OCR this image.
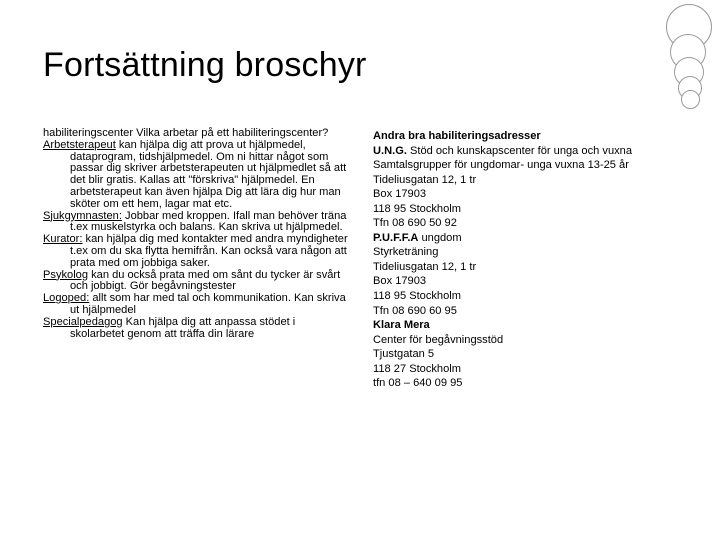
Fortsättning broschyr

habiliteringscenter Vilka arbetar på ett habiliteringscenter?

Arbetsterapeut kan hjälpa dig att prova ut hjälpmedel, dataprogram, tidshjälpmedel. Om ni hittar något som passar dig skriver arbetsterapeuten ut hjälpmedlet så att det blir gratis. Kallas att "förskriva" hjälpmedel. En arbetsterapeut kan även hjälpa Dig att lära dig hur man sköter om ett hem, lagar mat etc.

Sjukgymnasten: Jobbar med kroppen. Ifall man behöver träna t.ex muskelstyrka och balans. Kan skriva ut hjälpmedel.

Kurator: kan hjälpa dig med kontakter med andra myndigheter t.ex om du ska flytta hemifrån. Kan också vara någon att prata med om jobbiga saker.

Psykolog kan du också prata med om sånt du tycker är svårt och jobbigt. Gör begåvningstester

Logoped: allt som har med tal och kommunikation. Kan skriva ut hjälpmedel

Specialpedagog Kan hjälpa dig att anpassa stödet i skolarbetet genom att träffa din lärare

Andra bra habiliteringsadresser

U.N.G. Stöd och kunskapscenter för unga och vuxna

Samtalsgrupper för ungdomar- unga vuxna 13-25 år

Tideliusgatan 12, 1 tr

Box 17903

118 95 Stockholm

Tfn 08 690 50 92

P.U.F.F.A ungdom

Styrketräning

Tideliusgatan 12, 1 tr

Box 17903

118 95 Stockholm

Tfn 08 690 60 95

Klara Mera

Center för begåvningsstöd

Tjustgatan 5

118 27 Stockholm

tfn 08 – 640 09 95
